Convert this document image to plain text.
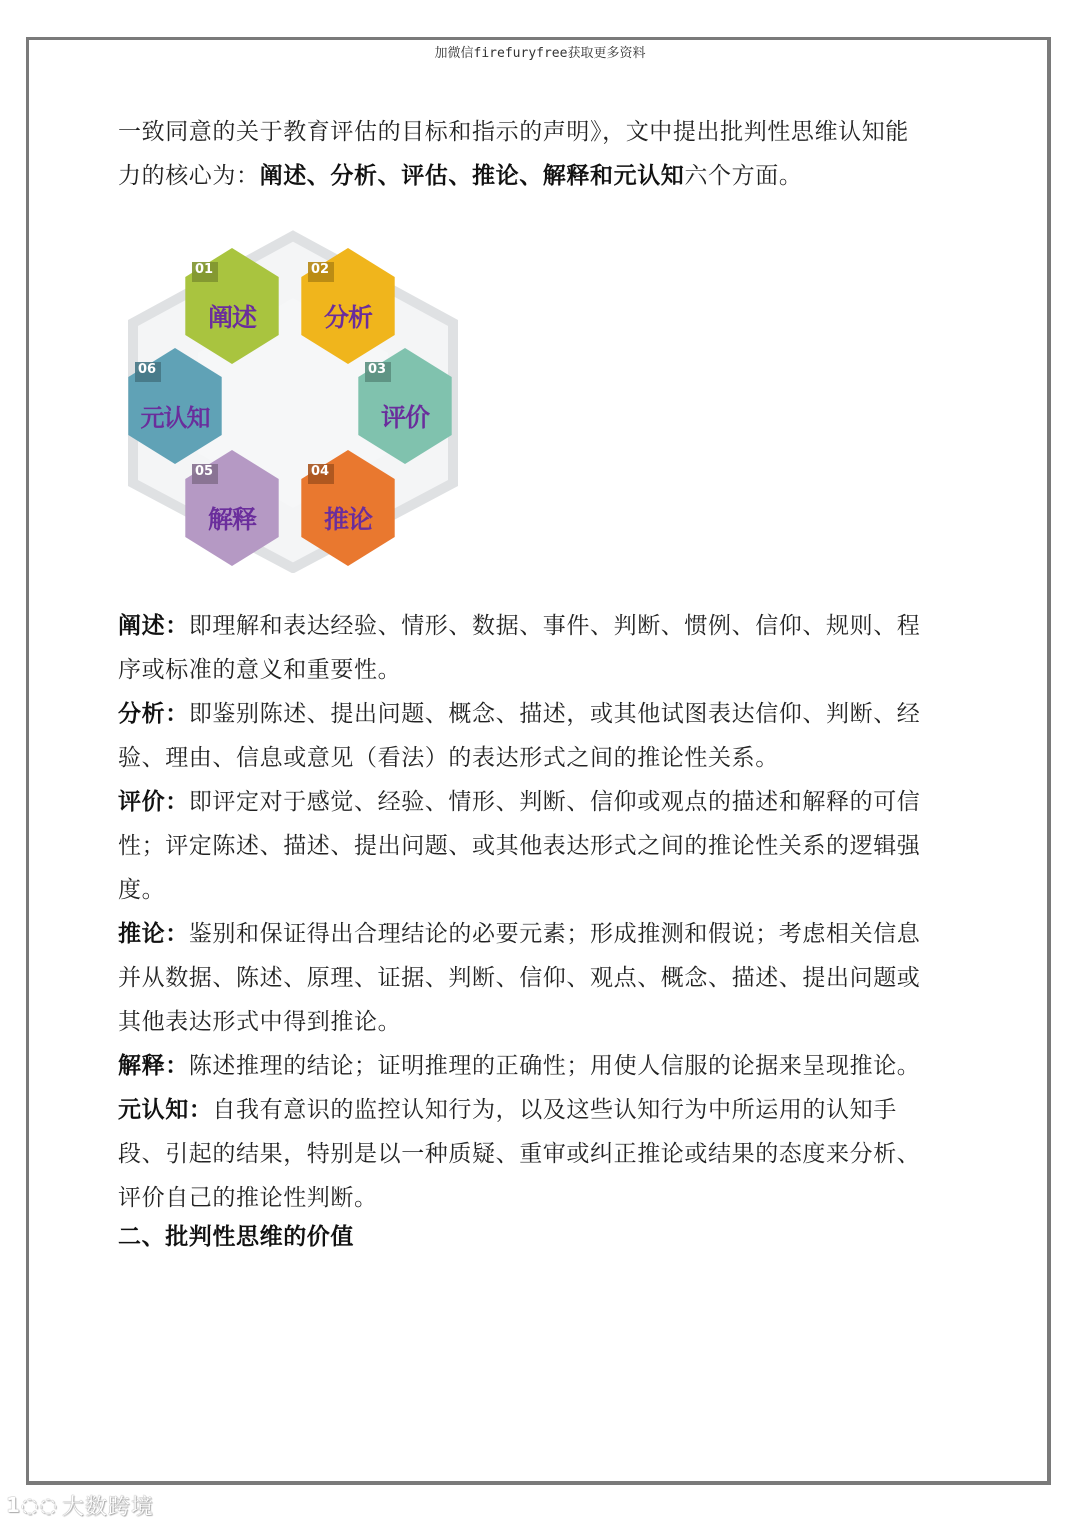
加微信firefuryfree获取更多资料
一致同意的关于教育评估的目标和指示的声明》，文中提出批判性思维认知能
力的核心为：阐述、分析、评估、推论、解释和元认知六个方面。
01
阐述
02
分析
03
评价
04
推论
05
解释
06
元认知
阐述：即理解和表达经验、情形、数据、事件、判断、惯例、信仰、规则、程
序或标准的意义和重要性。
分析：即鉴别陈述、提出问题、概念、描述，或其他试图表达信仰、判断、经
验、理由、信息或意见（看法）的表达形式之间的推论性关系。
评价：即评定对于感觉、经验、情形、判断、信仰或观点的描述和解释的可信
性；评定陈述、描述、提出问题、或其他表达形式之间的推论性关系的逻辑强
度。
推论：鉴别和保证得出合理结论的必要元素；形成推测和假说；考虑相关信息
并从数据、陈述、原理、证据、判断、信仰、观点、概念、描述、提出问题或
其他表达形式中得到推论。
解释：陈述推理的结论；证明推理的正确性；用使人信服的论据来呈现推论。
元认知：自我有意识的监控认知行为，以及这些认知行为中所运用的认知手
段、引起的结果，特别是以一种质疑、重审或纠正推论或结果的态度来分析、
评价自己的推论性判断。
二、批判性思维的价值
1◌◌ 大数跨境
